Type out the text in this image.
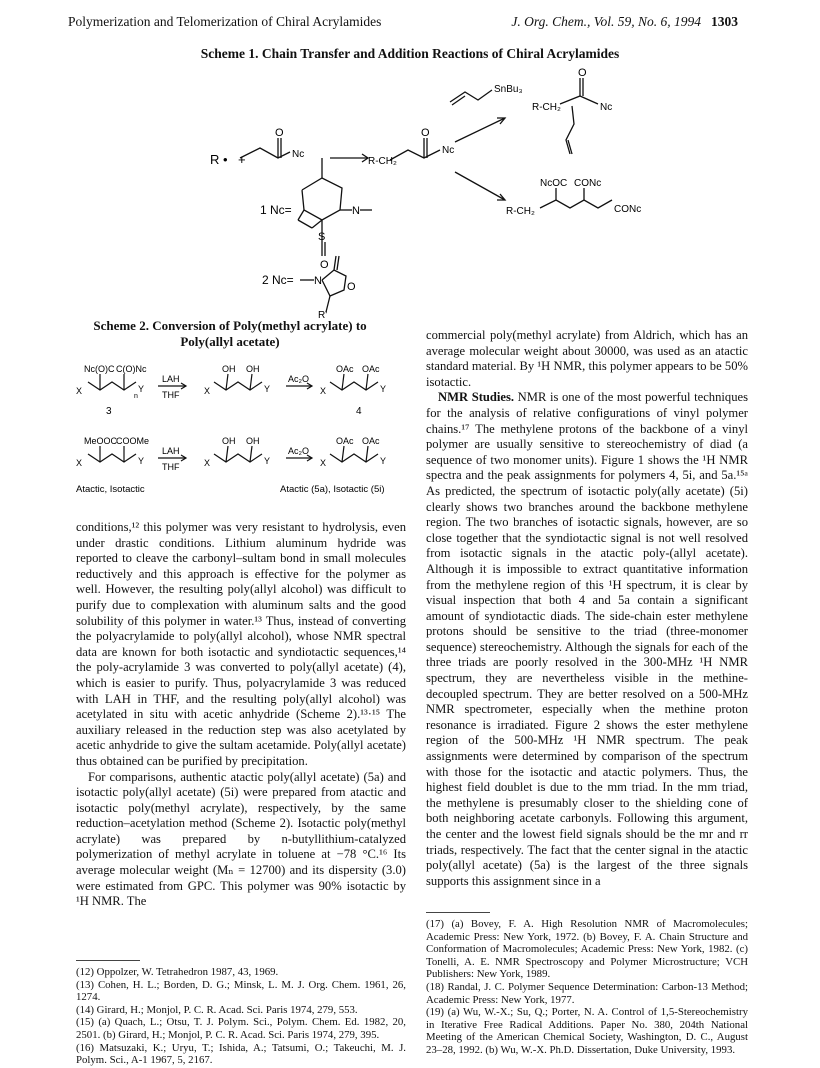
Polymerization and Telomerization of Chiral Acrylamides	J. Org. Chem., Vol. 59, No. 6, 1994 1303
Scheme 1. Chain Transfer and Addition Reactions of Chiral Acrylamides
R • +
O
Nc
R-CH₂
O
Nc
SnBu₃
O
Nc
R-CH₂
NcOC CONc
R-CH₂	CONc
1 Nc=	N
S
O
2 Nc= N O
R'
Scheme 2. Conversion of Poly(methyl acrylate) to
Poly(allyl acetate)
Nc(O)C C(O)Nc
X	Y
n
LAH
THF
OH OH
X	Y
Ac₂O
OAc OAc
X	Y
3	4
MeOOC
COOMe
X	Y
LAH
THF
OH OH
X	Y
Ac₂O
OAc OAc
X	Y
Atactic, Isotactic	Atactic (5a), Isotactic (5i)

conditions,¹² this polymer was very resistant to hydrolysis, even under drastic conditions. Lithium aluminum hydride was reported to cleave the carbonyl–sultam bond in small molecules reductively and this approach is effective for the polymer as well. However, the resulting poly(allyl alcohol) was difficult to purify due to complexation with aluminum salts and the good solubility of this polymer in water.¹³ Thus, instead of converting the polyacrylamide to poly(allyl alcohol), whose NMR spectral data are known for both isotactic and syndiotactic sequences,¹⁴ the poly-acrylamide 3 was converted to poly(allyl acetate) (4), which is easier to purify. Thus, polyacrylamide 3 was reduced with LAH in THF, and the resulting poly(allyl alcohol) was acetylated in situ with acetic anhydride (Scheme 2).¹³·¹⁵ The auxiliary released in the reduction step was also acetylated by acetic anhydride to give the sultam acetamide. Poly(allyl acetate) thus obtained can be purified by precipitation.

For comparisons, authentic atactic poly(allyl acetate) (5a) and isotactic poly(allyl acetate) (5i) were prepared from atactic and isotactic poly(methyl acrylate), respectively, by the same reduction–acetylation method (Scheme 2). Isotactic poly(methyl acrylate) was prepared by n-butyllithium-catalyzed polymerization of methyl acrylate in toluene at −78 °C.¹⁶ Its average molecular weight (Mₙ = 12700) and its dispersity (3.0) were estimated from GPC. This polymer was 90% isotactic by ¹H NMR. The

commercial poly(methyl acrylate) from Aldrich, which has an average molecular weight about 30000, was used as an atactic standard material. By ¹H NMR, this polymer appears to be 50% isotactic.

NMR Studies. NMR is one of the most powerful techniques for the analysis of relative configurations of vinyl polymer chains.¹⁷ The methylene protons of the backbone of a vinyl polymer are usually sensitive to stereochemistry of diad (a sequence of two monomer units). Figure 1 shows the ¹H NMR spectra and the peak assignments for polymers 4, 5i, and 5a.¹⁵ᵃ As predicted, the spectrum of isotactic poly(ally acetate) (5i) clearly shows two branches around the backbone methylene region. The two branches of isotactic signals, however, are so close together that the syndiotactic signal is not well resolved from isotactic signals in the atactic poly-(allyl acetate). Although it is impossible to extract quantitative information from the methylene region of this ¹H spectrum, it is clear by visual inspection that both 4 and 5a contain a significant amount of syndiotactic diads. The side-chain ester methylene protons should be sensitive to the triad (three-monomer sequence) stereochemistry. Although the signals for each of the three triads are poorly resolved in the 300-MHz ¹H NMR spectrum, they are nevertheless visible in the methine-decoupled spectrum. They are better resolved on a 500-MHz NMR spectrometer, especially when the methine proton resonance is irradiated. Figure 2 shows the ester methylene region of the 500-MHz ¹H NMR spectrum. The peak assignments were determined by comparison of the spectrum with those for the isotactic and atactic polymers. Thus, the highest field doublet is due to the mm triad. In the mm triad, the methylene is presumably closer to the shielding cone of both neighboring acetate carbonyls. Following this argument, the center and the lowest field signals should be the mr and rr triads, respectively. The fact that the center signal in the atactic poly(allyl acetate) (5a) is the largest of the three signals supports this assignment since in a

(12) Oppolzer, W. Tetrahedron 1987, 43, 1969.
(13) Cohen, H. L.; Borden, D. G.; Minsk, L. M. J. Org. Chem. 1961, 26, 1274.
(14) Girard, H.; Monjol, P. C. R. Acad. Sci. Paris 1974, 279, 553.
(15) (a) Quach, L.; Otsu, T. J. Polym. Sci., Polym. Chem. Ed. 1982, 20, 2501. (b) Girard, H.; Monjol, P. C. R. Acad. Sci. Paris 1974, 279, 395.
(16) Matsuzaki, K.; Uryu, T.; Ishida, A.; Tatsumi, O.; Takeuchi, M. J. Polym. Sci., A-1 1967, 5, 2167.
(17) (a) Bovey, F. A. High Resolution NMR of Macromolecules; Academic Press: New York, 1972. (b) Bovey, F. A. Chain Structure and Conformation of Macromolecules; Academic Press: New York, 1982. (c) Tonelli, A. E. NMR Spectroscopy and Polymer Microstructure; VCH Publishers: New York, 1989.
(18) Randal, J. C. Polymer Sequence Determination: Carbon-13 Method; Academic Press: New York, 1977.
(19) (a) Wu, W.-X.; Su, Q.; Porter, N. A. Control of 1,5-Stereochemistry in Iterative Free Radical Additions. Paper No. 380, 204th National Meeting of the American Chemical Society, Washington, D. C., August 23–28, 1992. (b) Wu, W.-X. Ph.D. Dissertation, Duke University, 1993.
